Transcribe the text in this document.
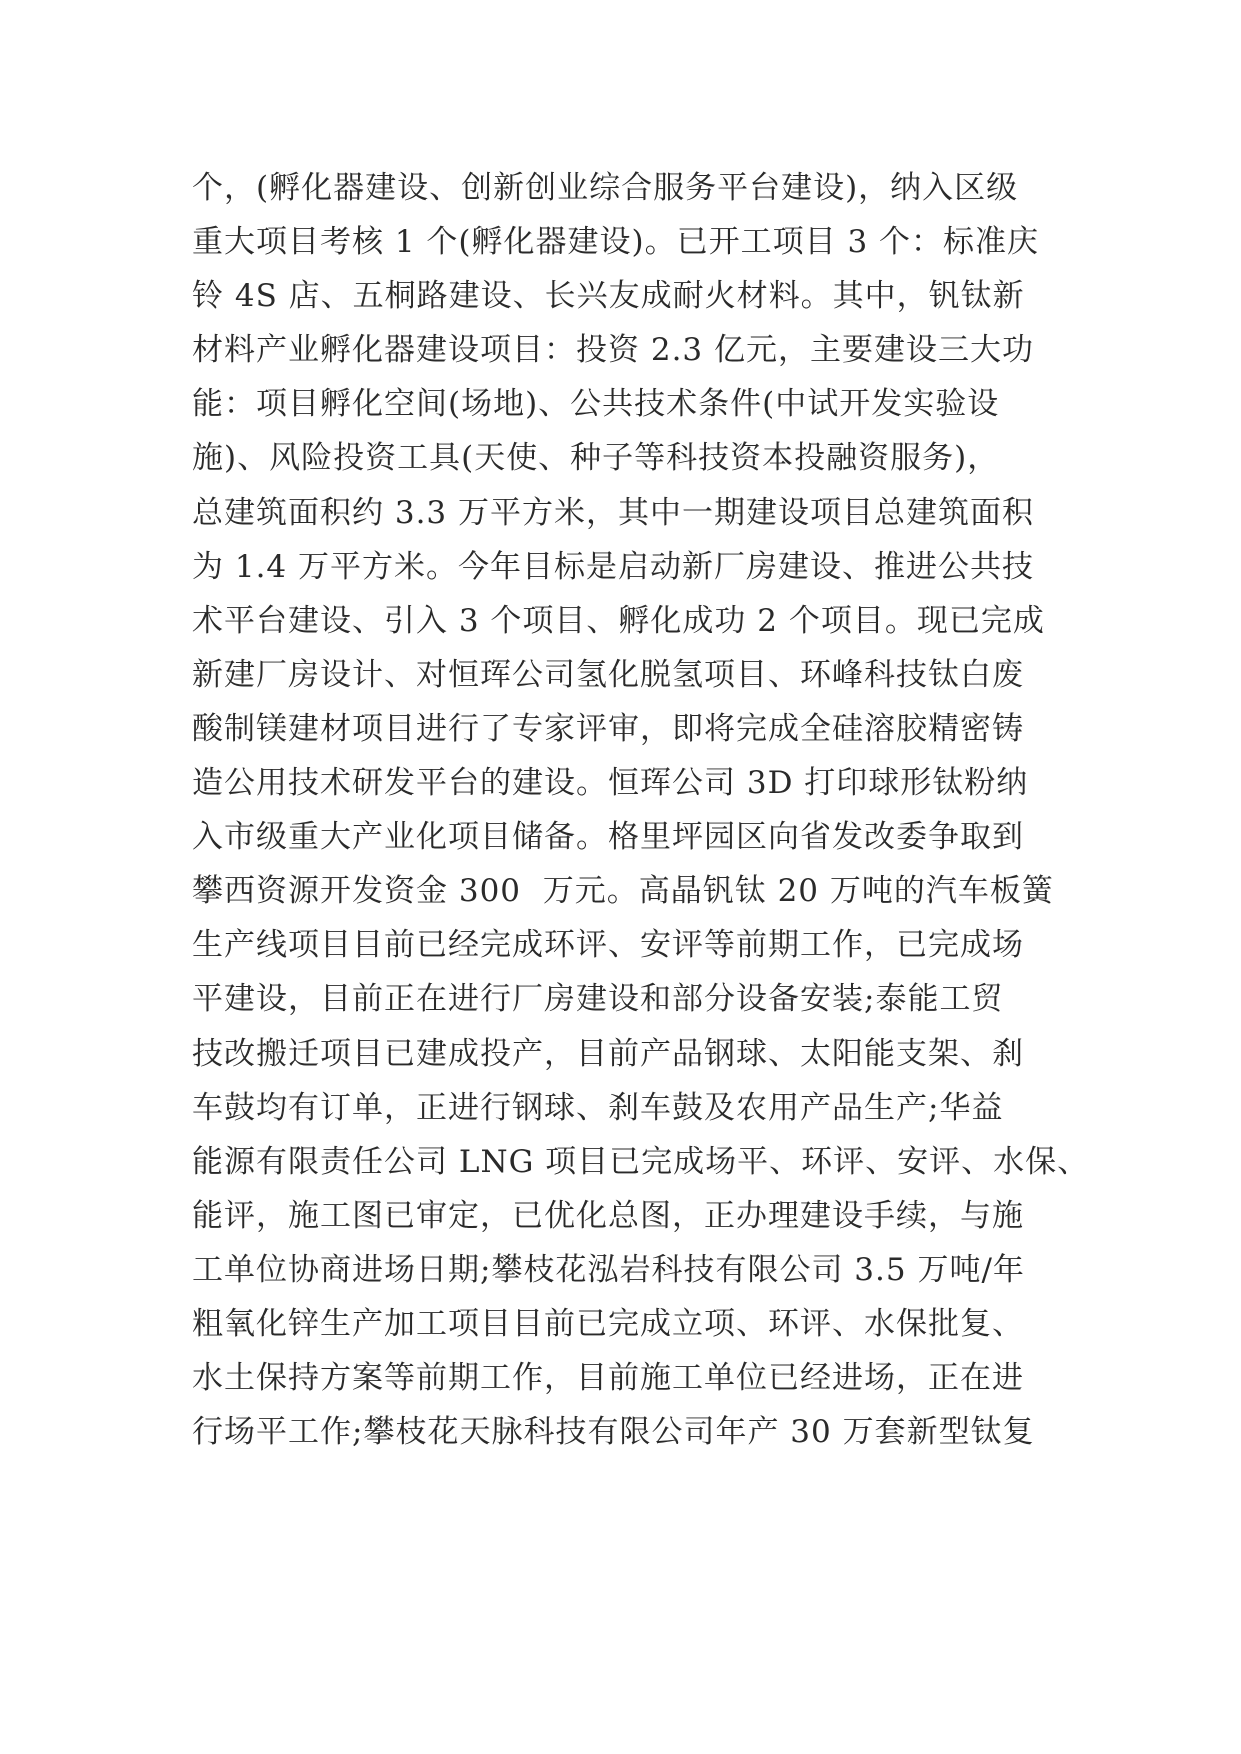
个，(孵化器建设、创新创业综合服务平台建设)，纳入区级
重大项目考核 1 个(孵化器建设)。已开工项目 3 个：标准庆
铃 4S 店、五桐路建设、长兴友成耐火材料。其中，钒钛新
材料产业孵化器建设项目：投资 2.3 亿元，主要建设三大功
能：项目孵化空间(场地)、公共技术条件(中试开发实验设
施)、风险投资工具(天使、种子等科技资本投融资服务)，
总建筑面积约 3.3 万平方米，其中一期建设项目总建筑面积
为 1.4 万平方米。今年目标是启动新厂房建设、推进公共技
术平台建设、引入 3 个项目、孵化成功 2 个项目。现已完成
新建厂房设计、对恒珲公司氢化脱氢项目、环峰科技钛白废
酸制镁建材项目进行了专家评审，即将完成全硅溶胶精密铸
造公用技术研发平台的建设。恒珲公司 3D 打印球形钛粉纳
入市级重大产业化项目储备。格里坪园区向省发改委争取到
攀西资源开发资金 300  万元。高晶钒钛 20 万吨的汽车板簧
生产线项目目前已经完成环评、安评等前期工作，已完成场
平建设，目前正在进行厂房建设和部分设备安装;泰能工贸
技改搬迁项目已建成投产，目前产品钢球、太阳能支架、刹
车鼓均有订单，正进行钢球、刹车鼓及农用产品生产;华益
能源有限责任公司 LNG 项目已完成场平、环评、安评、水保、
能评，施工图已审定，已优化总图，正办理建设手续，与施
工单位协商进场日期;攀枝花泓岩科技有限公司 3.5 万吨/年
粗氧化锌生产加工项目目前已完成立项、环评、水保批复、
水土保持方案等前期工作，目前施工单位已经进场，正在进
行场平工作;攀枝花天脉科技有限公司年产 30 万套新型钛复
